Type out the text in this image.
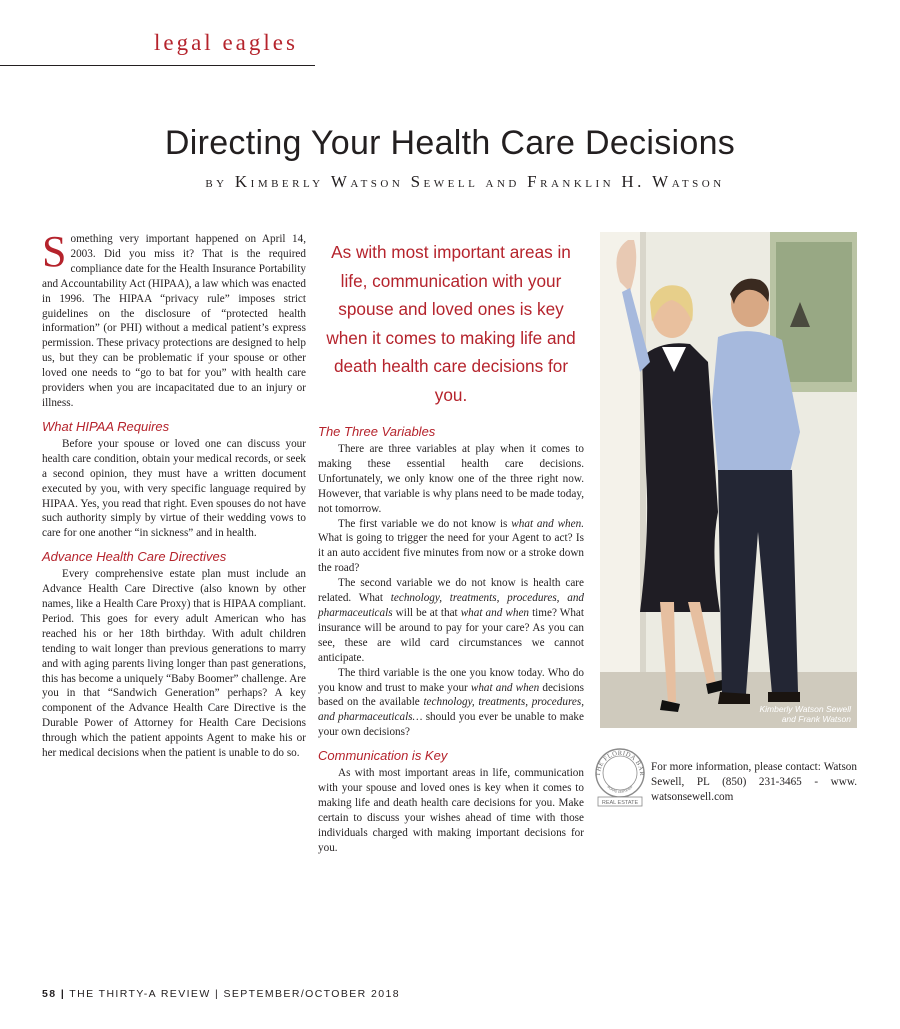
legal eagles
Directing Your Health Care Decisions
by Kimberly Watson Sewell and Franklin H. Watson

Something very important happened on April 14, 2003. Did you miss it? That is the required compliance date for the Health Insurance Portability and Accountability Act (HIPAA), a law which was enacted in 1996. The HIPAA “privacy rule” imposes strict guidelines on the disclosure of “protected health information” (or PHI) without a medical patient’s express permission. These privacy protections are designed to help us, but they can be problematic if your spouse or other loved one needs to “go to bat for you” with health care providers when you are incapacitated due to an injury or illness.

What HIPAA Requires

Before your spouse or loved one can discuss your health care condition, obtain your medical records, or seek a second opinion, they must have a written document executed by you, with very specific language required by HIPAA. Yes, you read that right. Even spouses do not have such authority simply by virtue of their wedding vows to care for one another “in sickness” and in health.

Advance Health Care Directives

Every comprehensive estate plan must include an Advance Health Care Directive (also known by other names, like a Health Care Proxy) that is HIPAA compliant. Period. This goes for every adult American who has reached his or her 18th birthday. With adult children tending to wait longer than previous generations to marry and with aging parents living longer than past generations, this has become a uniquely “Baby Boomer” challenge. Are you in that “Sandwich Generation” perhaps? A key component of the Advance Health Care Directive is the Durable Power of Attorney for Health Care Decisions through which the patient appoints Agent to make his or her medical decisions when the patient is unable to do so.

As with most important areas in life, communication with your spouse and loved ones is key when it comes to making life and death health care decisions for you.
The Three Variables

There are three variables at play when it comes to making these essential health care decisions. Unfortunately, we only know one of the three right now. However, that variable is why plans need to be made today, not tomorrow.

The first variable we do not know is what and when. What is going to trigger the need for your Agent to act? Is it an auto accident five minutes from now or a stroke down the road?

The second variable we do not know is health care related. What technology, treatments, procedures, and pharmaceuticals will be at that what and when time? What insurance will be around to pay for your care? As you can see, these are wild card circumstances we cannot anticipate.

The third variable is the one you know today. Who do you know and trust to make your what and when decisions based on the available technology, treatments, procedures, and pharmaceuticals… should you ever be unable to make your own decisions?

Communication is Key

As with most important areas in life, communication with your spouse and loved ones is key when it comes to making life and death health care decisions for you. Make certain to discuss your wishes ahead of time with those individuals charged with making important decisions for you.

Kimberly Watson Sewell
and Frank Watson
THE FLORIDA BAR
BOARD CERTIFIED
REAL ESTATE
For more information, please contact: Watson Sewell, PL (850) 231-3465 - www. watsonsewell.com
58 | THE THIRTY-A REVIEW | SEPTEMBER/OCTOBER 2018
